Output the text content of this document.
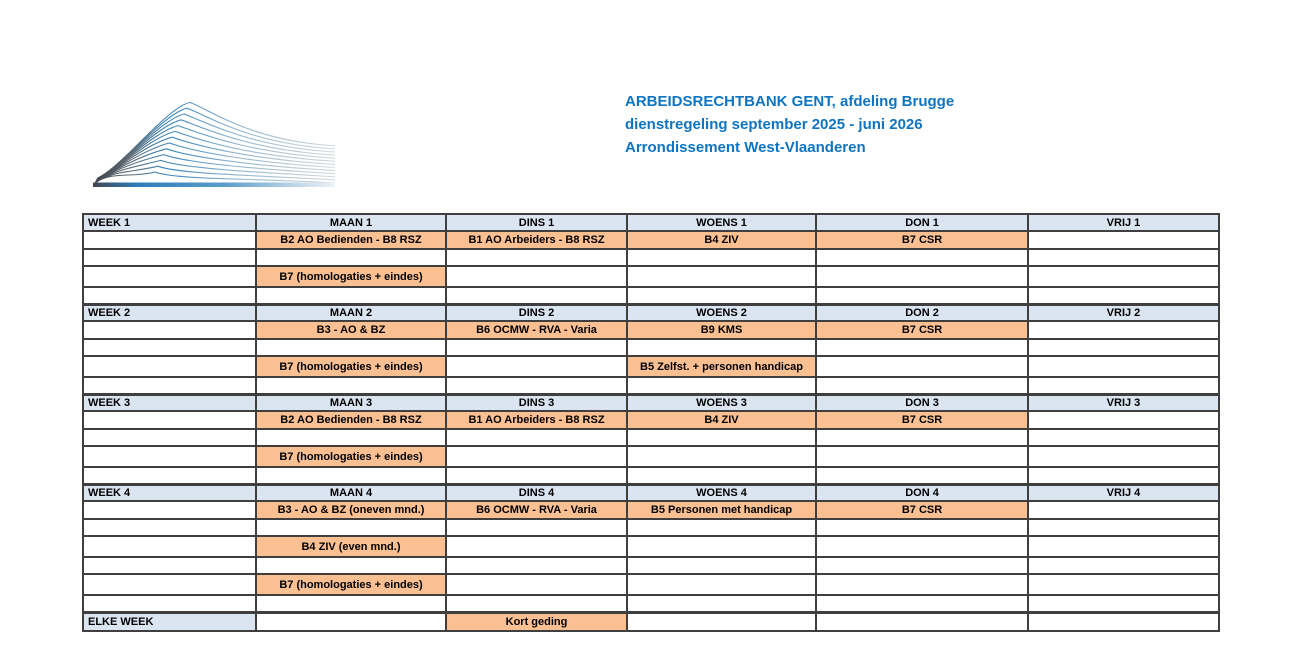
ARBEIDSRECHTBANK GENT, afdeling Brugge
dienstregeling september 2025 - juni 2026
Arrondissement West-Vlaanderen
WEEK 1	MAAN 1	DINS 1	WOENS 1	DON 1	VRIJ 1
	B2 AO Bedienden - B8 RSZ	B1 AO Arbeiders - B8 RSZ	B4 ZIV	B7 CSR	

	B7 (homologaties + eindes)				

WEEK 2	MAAN 2	DINS 2	WOENS 2	DON 2	VRIJ 2
	B3 - AO & BZ	B6 OCMW - RVA - Varia	B9 KMS	B7 CSR	

	B7 (homologaties + eindes)		B5 Zelfst. + personen handicap		

WEEK 3	MAAN 3	DINS 3	WOENS 3	DON 3	VRIJ 3
	B2 AO Bedienden - B8 RSZ	B1 AO Arbeiders - B8 RSZ	B4 ZIV	B7 CSR	

	B7 (homologaties + eindes)				

WEEK 4	MAAN 4	DINS 4	WOENS 4	DON 4	VRIJ 4
	B3 - AO & BZ (oneven mnd.)	B6 OCMW - RVA - Varia	B5 Personen met handicap	B7 CSR	

	B4 ZIV (even mnd.)				

	B7 (homologaties + eindes)				

ELKE WEEK		Kort geding			
